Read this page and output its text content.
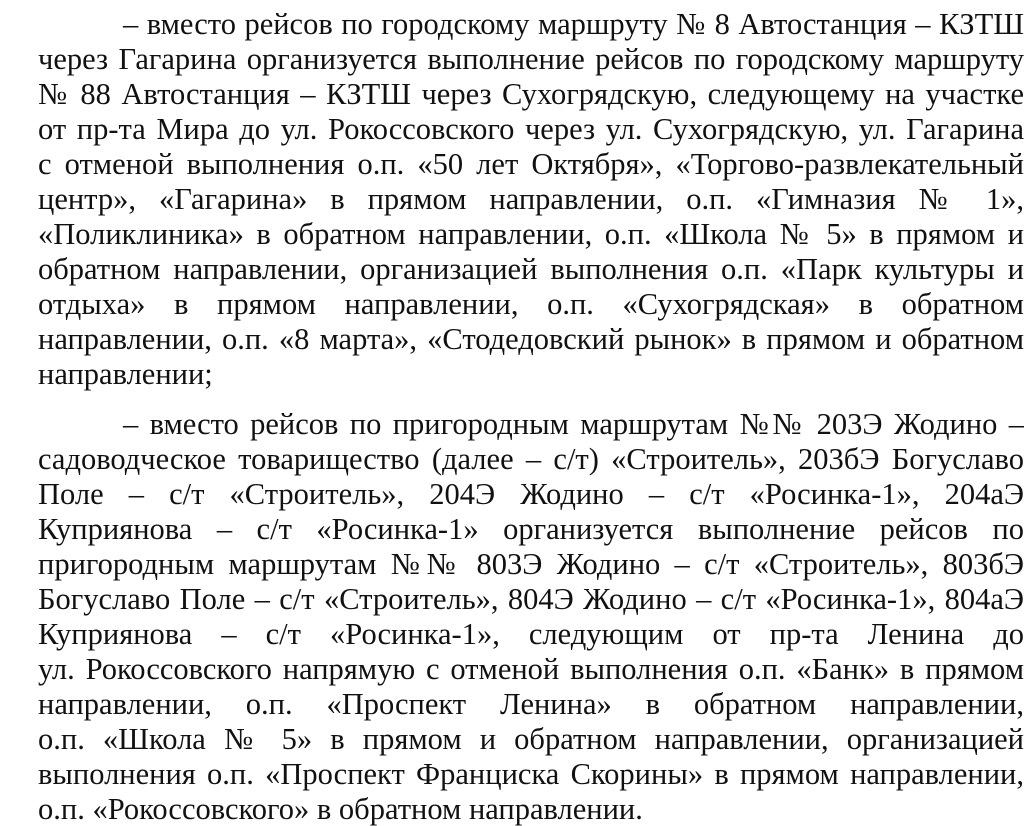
– вместо рейсов по городскому маршруту № 8 Автостанция – КЗТШ
через Гагарина организуется выполнение рейсов по городскому маршруту
№ 88 Автостанция – КЗТШ через Сухогрядскую, следующему на участке
от пр-та Мира до ул. Рокоссовского через ул. Сухогрядскую, ул. Гагарина
с отменой выполнения о.п. «50 лет Октября», «Торгово-развлекательный
центр», «Гагарина» в прямом направлении, о.п. «Гимназия № 1»,
«Поликлиника» в обратном направлении, о.п. «Школа № 5» в прямом и
обратном направлении, организацией выполнения о.п. «Парк культуры и
отдыха» в прямом направлении, о.п. «Сухогрядская» в обратном
направлении, о.п. «8 марта», «Стодедовский рынок» в прямом и обратном
направлении;
– вместо рейсов по пригородным маршрутам №№ 203Э Жодино –
садоводческое товарищество (далее – с/т) «Строитель», 203бЭ Богуславо
Поле – с/т «Строитель», 204Э Жодино – с/т «Росинка-1», 204аЭ
Куприянова – с/т «Росинка-1» организуется выполнение рейсов по
пригородным маршрутам №№ 803Э Жодино – с/т «Строитель», 803бЭ
Богуславо Поле – с/т «Строитель», 804Э Жодино – с/т «Росинка-1», 804аЭ
Куприянова – с/т «Росинка-1», следующим от пр-та Ленина до
ул. Рокоссовского напрямую с отменой выполнения о.п. «Банк» в прямом
направлении, о.п. «Проспект Ленина» в обратном направлении,
о.п. «Школа № 5» в прямом и обратном направлении, организацией
выполнения о.п. «Проспект Франциска Скорины» в прямом направлении,
о.п. «Рокоссовского» в обратном направлении.
